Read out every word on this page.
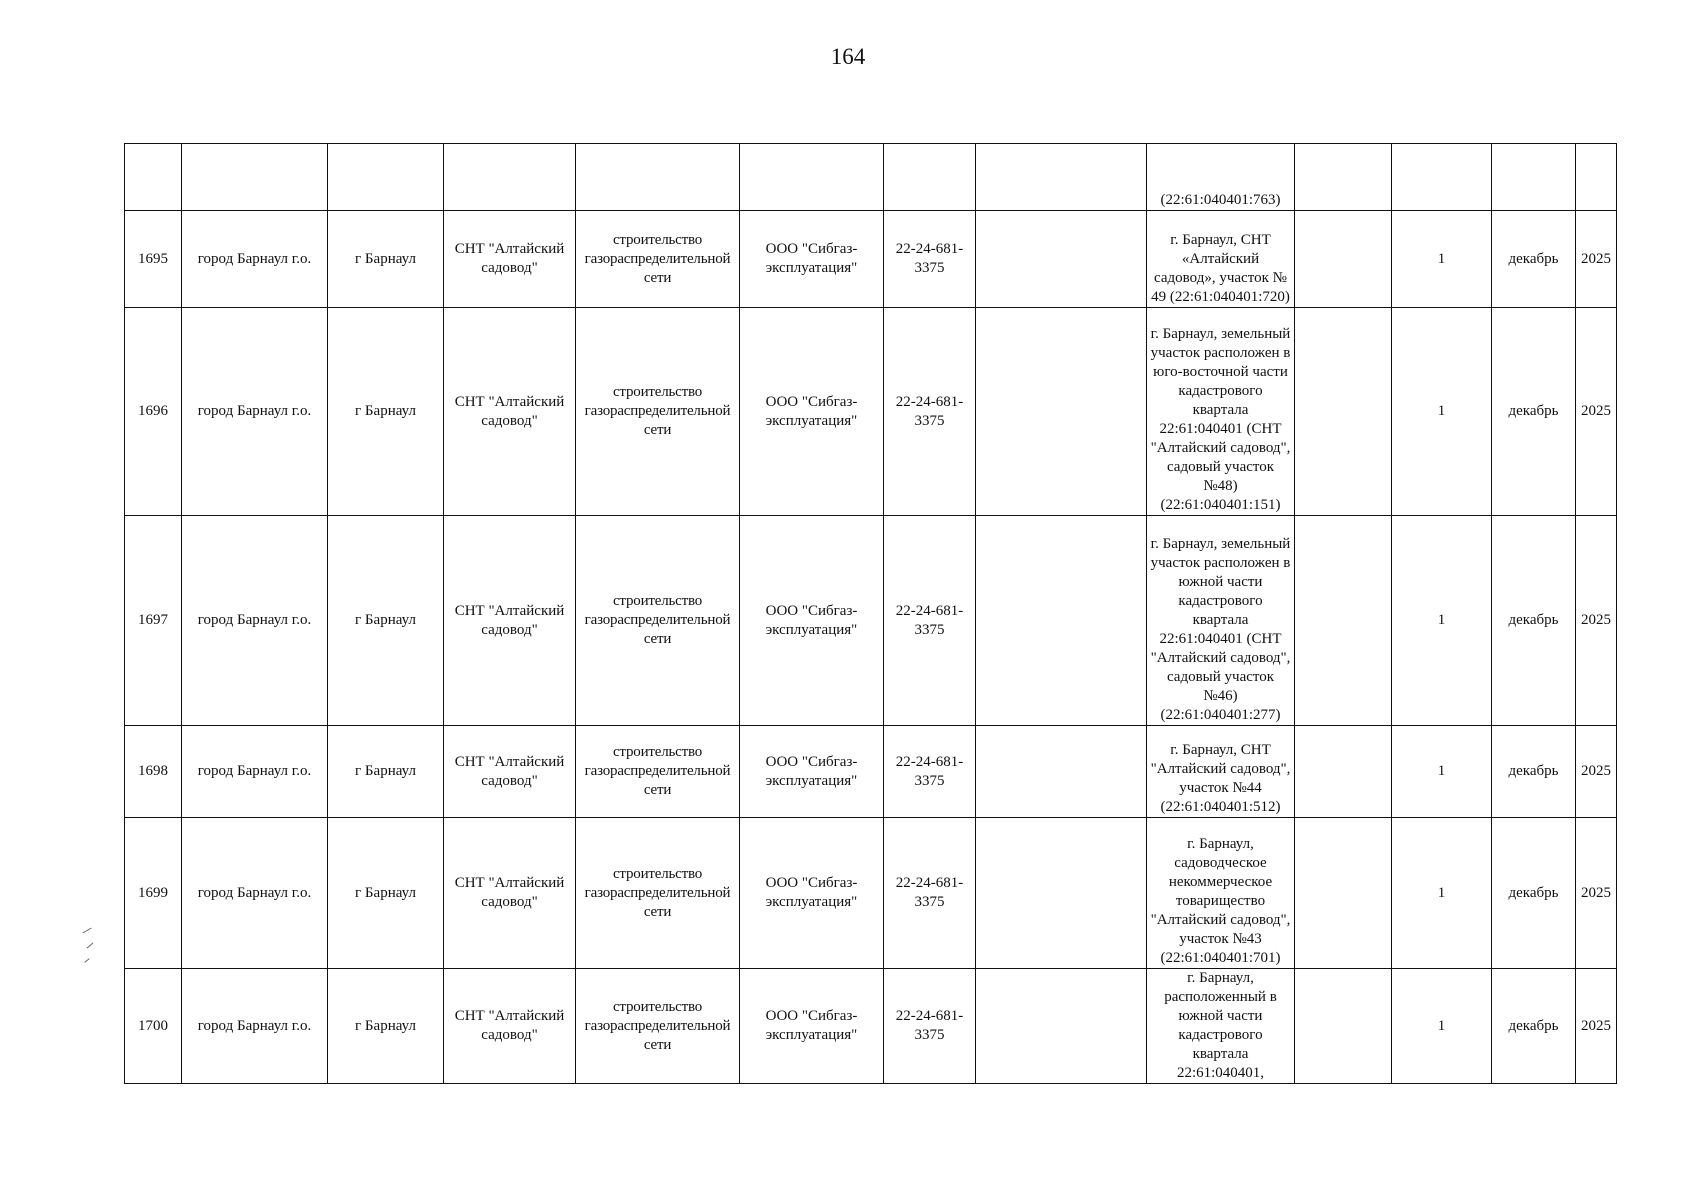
164

								(22:61:040401:763)				

1695	город Барнаул г.о.	г Барнаул	СНТ "Алтайский садовод"	строительство газораспределительной сети	ООО "Сибгаз-эксплуатация"	22-24-681-3375		г. Барнаул, СНТ «Алтайский садовод», участок № 49 (22:61:040401:720)		1	декабрь	2025
1696	город Барнаул г.о.	г Барнаул	СНТ "Алтайский садовод"	строительство газораспределительной сети	ООО "Сибгаз-эксплуатация"	22-24-681-3375		г. Барнаул, земельный участок расположен в юго-восточной части кадастрового квартала 22:61:040401 (СНТ "Алтайский садовод", садовый участок №48) (22:61:040401:151)		1	декабрь	2025
1697	город Барнаул г.о.	г Барнаул	СНТ "Алтайский садовод"	строительство газораспределительной сети	ООО "Сибгаз-эксплуатация"	22-24-681-3375		г. Барнаул, земельный участок расположен в южной части кадастрового квартала 22:61:040401 (СНТ "Алтайский садовод", садовый участок №46) (22:61:040401:277)		1	декабрь	2025
1698	город Барнаул г.о.	г Барнаул	СНТ "Алтайский садовод"	строительство газораспределительной сети	ООО "Сибгаз-эксплуатация"	22-24-681-3375		г. Барнаул, СНТ "Алтайский садовод", участок №44 (22:61:040401:512)		1	декабрь	2025
1699	город Барнаул г.о.	г Барнаул	СНТ "Алтайский садовод"	строительство газораспределительной сети	ООО "Сибгаз-эксплуатация"	22-24-681-3375		г. Барнаул, садоводческое некоммерческое товарищество "Алтайский садовод", участок №43 (22:61:040401:701)		1	декабрь	2025
1700	город Барнаул г.о.	г Барнаул	СНТ "Алтайский садовод"	строительство газораспределительной сети	ООО "Сибгаз-эксплуатация"	22-24-681-3375		г. Барнаул, расположенный в южной части кадастрового квартала 22:61:040401,		1	декабрь	2025
